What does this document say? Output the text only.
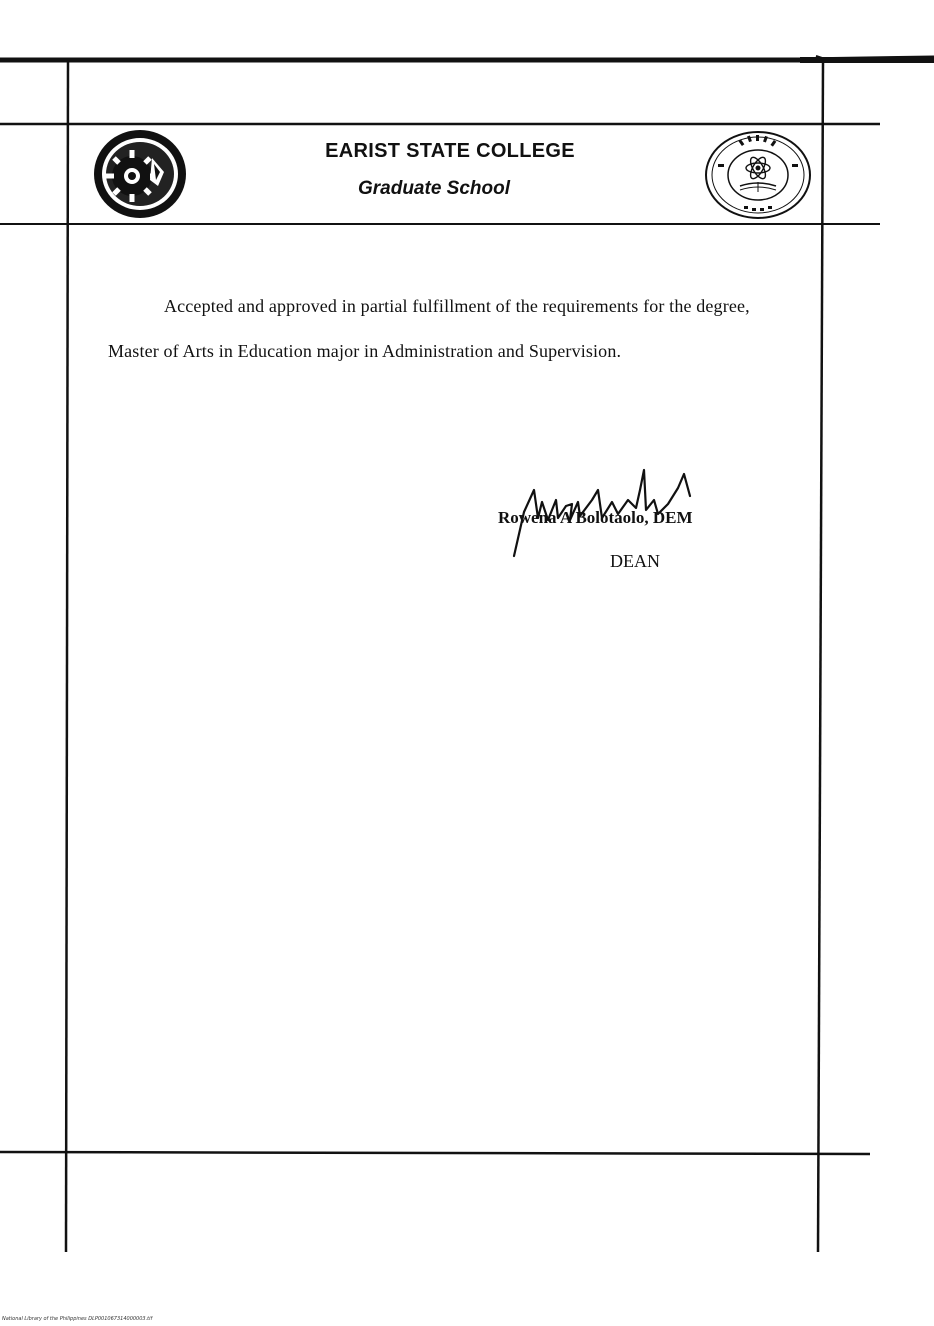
EARIST STATE COLLEGE
Graduate School
Accepted and approved in partial fulfillment of the requirements for the degree, Master of Arts in Education major in Administration and Supervision.
Rowena A Bolotaolo, DEM
DEAN
National Library of the Philippines DLP001067314000003.tif
